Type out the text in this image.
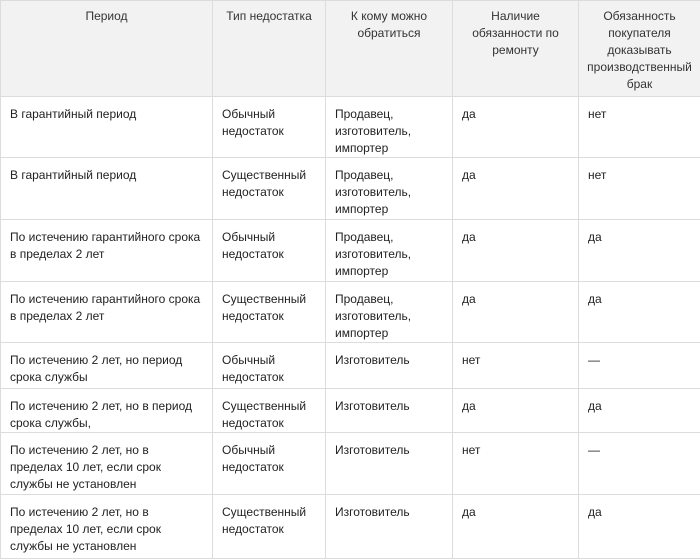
Период	Тип недостатка	К кому можно обратиться	Наличие обязанности по ремонту	Обязанность покупателя доказывать производственный брак
В гарантийный период	Обычный недостаток	Продавец, изготовитель, импортер	да	нет
В гарантийный период	Существенный недостаток	Продавец, изготовитель, импортер	да	нет
По истечению гарантийного срока в пределах 2 лет	Обычный недостаток	Продавец, изготовитель, импортер	да	да
По истечению гарантийного срока в пределах 2 лет	Существенный недостаток	Продавец, изготовитель, импортер	да	да
По истечению 2 лет, но период срока службы	Обычный недостаток	Изготовитель	нет	—
По истечению 2 лет, но в период срока службы,	Существенный недостаток	Изготовитель	да	да
По истечению 2 лет, но в пределах 10 лет, если срок службы не установлен	Обычный недостаток	Изготовитель	нет	—
По истечению 2 лет, но в пределах 10 лет, если срок службы не установлен	Существенный недостаток	Изготовитель	да	да
